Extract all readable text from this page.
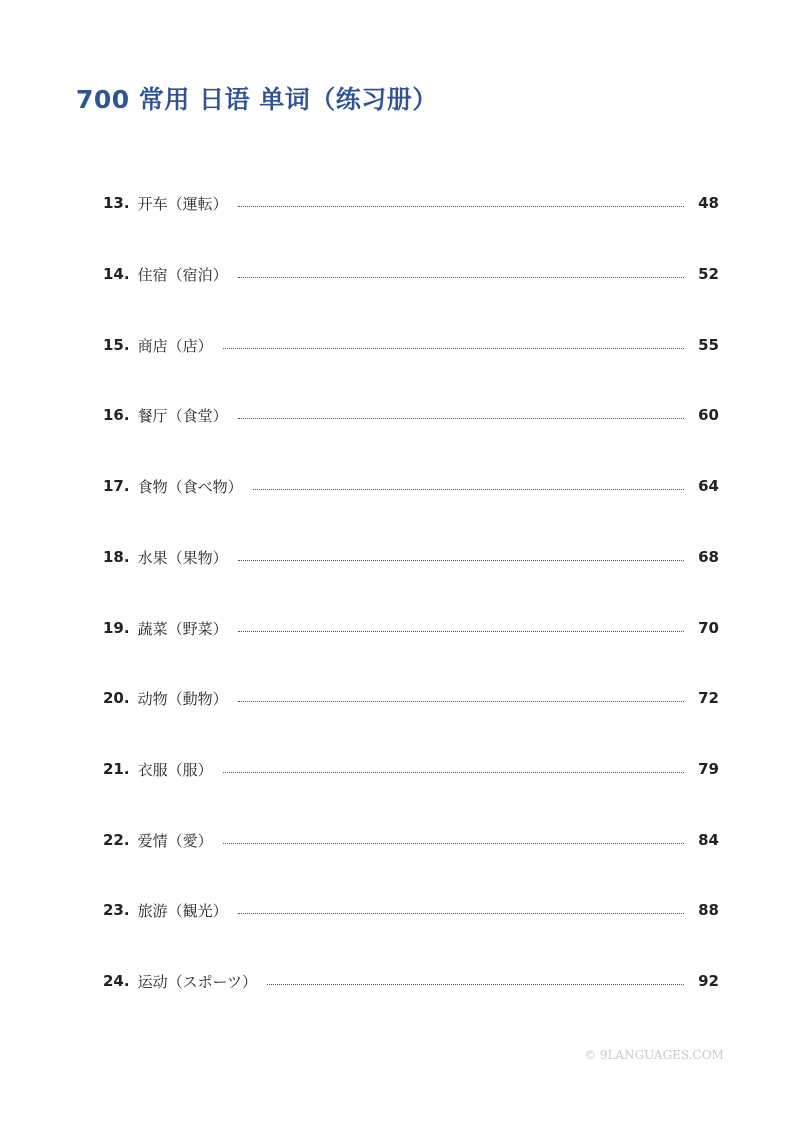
700 常用 日语 单词（练习册）
13. 开车（運転）	48
14. 住宿（宿泊）	52
15. 商店（店）	55
16. 餐厅（食堂）	60
17. 食物（食べ物）	64
18. 水果（果物）	68
19. 蔬菜（野菜）	70
20. 动物（動物）	72
21. 衣服（服）	79
22. 爱情（愛）	84
23. 旅游（観光）	88
24. 运动（スポーツ）	92
© 9LANGUAGES.COM
